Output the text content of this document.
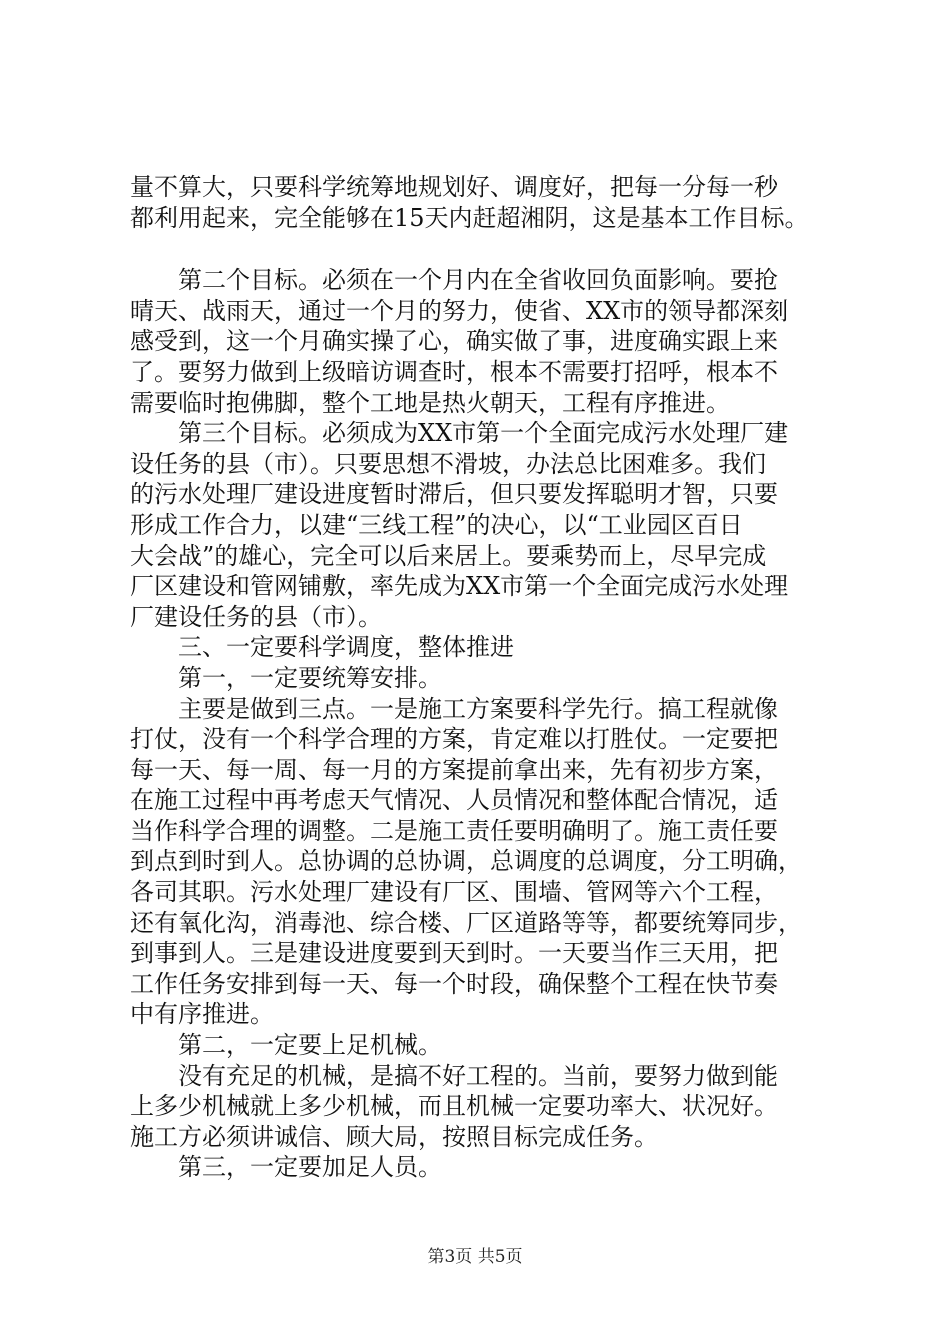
量不算大，只要科学统筹地规划好、调度好，把每一分每一秒

都利用起来，完全能够在15天内赶超湘阴，这是基本工作目标。

第二个目标。必须在一个月内在全省收回负面影响。要抢

晴天、战雨天，通过一个月的努力，使省、XX市的领导都深刻

感受到，这一个月确实操了心，确实做了事，进度确实跟上来

了。要努力做到上级暗访调查时，根本不需要打招呼，根本不

需要临时抱佛脚，整个工地是热火朝天，工程有序推进。

第三个目标。必须成为XX市第一个全面完成污水处理厂建

设任务的县（市）。只要思想不滑坡，办法总比困难多。我们

的污水处理厂建设进度暂时滞后，但只要发挥聪明才智，只要

形成工作合力，以建“三线工程”的决心，以“工业园区百日

大会战”的雄心，完全可以后来居上。要乘势而上，尽早完成

厂区建设和管网铺敷，率先成为XX市第一个全面完成污水处理

厂建设任务的县（市）。

三、一定要科学调度，整体推进

第一，一定要统筹安排。

主要是做到三点。一是施工方案要科学先行。搞工程就像

打仗，没有一个科学合理的方案，肯定难以打胜仗。一定要把

每一天、每一周、每一月的方案提前拿出来，先有初步方案，

在施工过程中再考虑天气情况、人员情况和整体配合情况，适

当作科学合理的调整。二是施工责任要明确明了。施工责任要

到点到时到人。总协调的总协调，总调度的总调度，分工明确，

各司其职。污水处理厂建设有厂区、围墙、管网等六个工程，

还有氧化沟，消毒池、综合楼、厂区道路等等，都要统筹同步，

到事到人。三是建设进度要到天到时。一天要当作三天用，把

工作任务安排到每一天、每一个时段，确保整个工程在快节奏

中有序推进。

第二，一定要上足机械。

没有充足的机械，是搞不好工程的。当前，要努力做到能

上多少机械就上多少机械，而且机械一定要功率大、状况好。

施工方必须讲诚信、顾大局，按照目标完成任务。

第三，一定要加足人员。

第3页 共5页
